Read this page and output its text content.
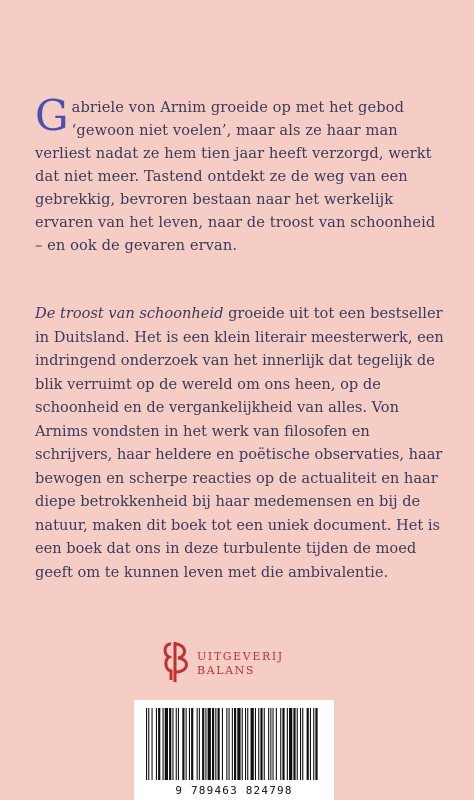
Gabriele von Arnim groeide op met het gebod ‘gewoon niet voelen’, maar als ze haar man verliest nadat ze hem tien jaar heeft verzorgd, werkt dat niet meer. Tastend ontdekt ze de weg van een gebrekkig, bevroren bestaan naar het werkelijk ervaren van het leven, naar de troost van schoonheid – en ook de gevaren ervan.
De troost van schoonheid groeide uit tot een bestseller in Duitsland. Het is een klein literair meesterwerk, een indringend onderzoek van het innerlijk dat tegelijk de blik verruimt op de wereld om ons heen, op de schoonheid en de vergankelijkheid van alles. Von Arnims vondsten in het werk van filosofen en schrijvers, haar heldere en poëtische observaties, haar bewogen en scherpe reacties op de actualiteit en haar diepe betrokkenheid bij haar medemensen en bij de natuur, maken dit boek tot een uniek document. Het is een boek dat ons in deze turbulente tijden de moed geeft om te kunnen leven met die ambivalentie.
UITGEVERIJ
BALANS
9 789463 824798
